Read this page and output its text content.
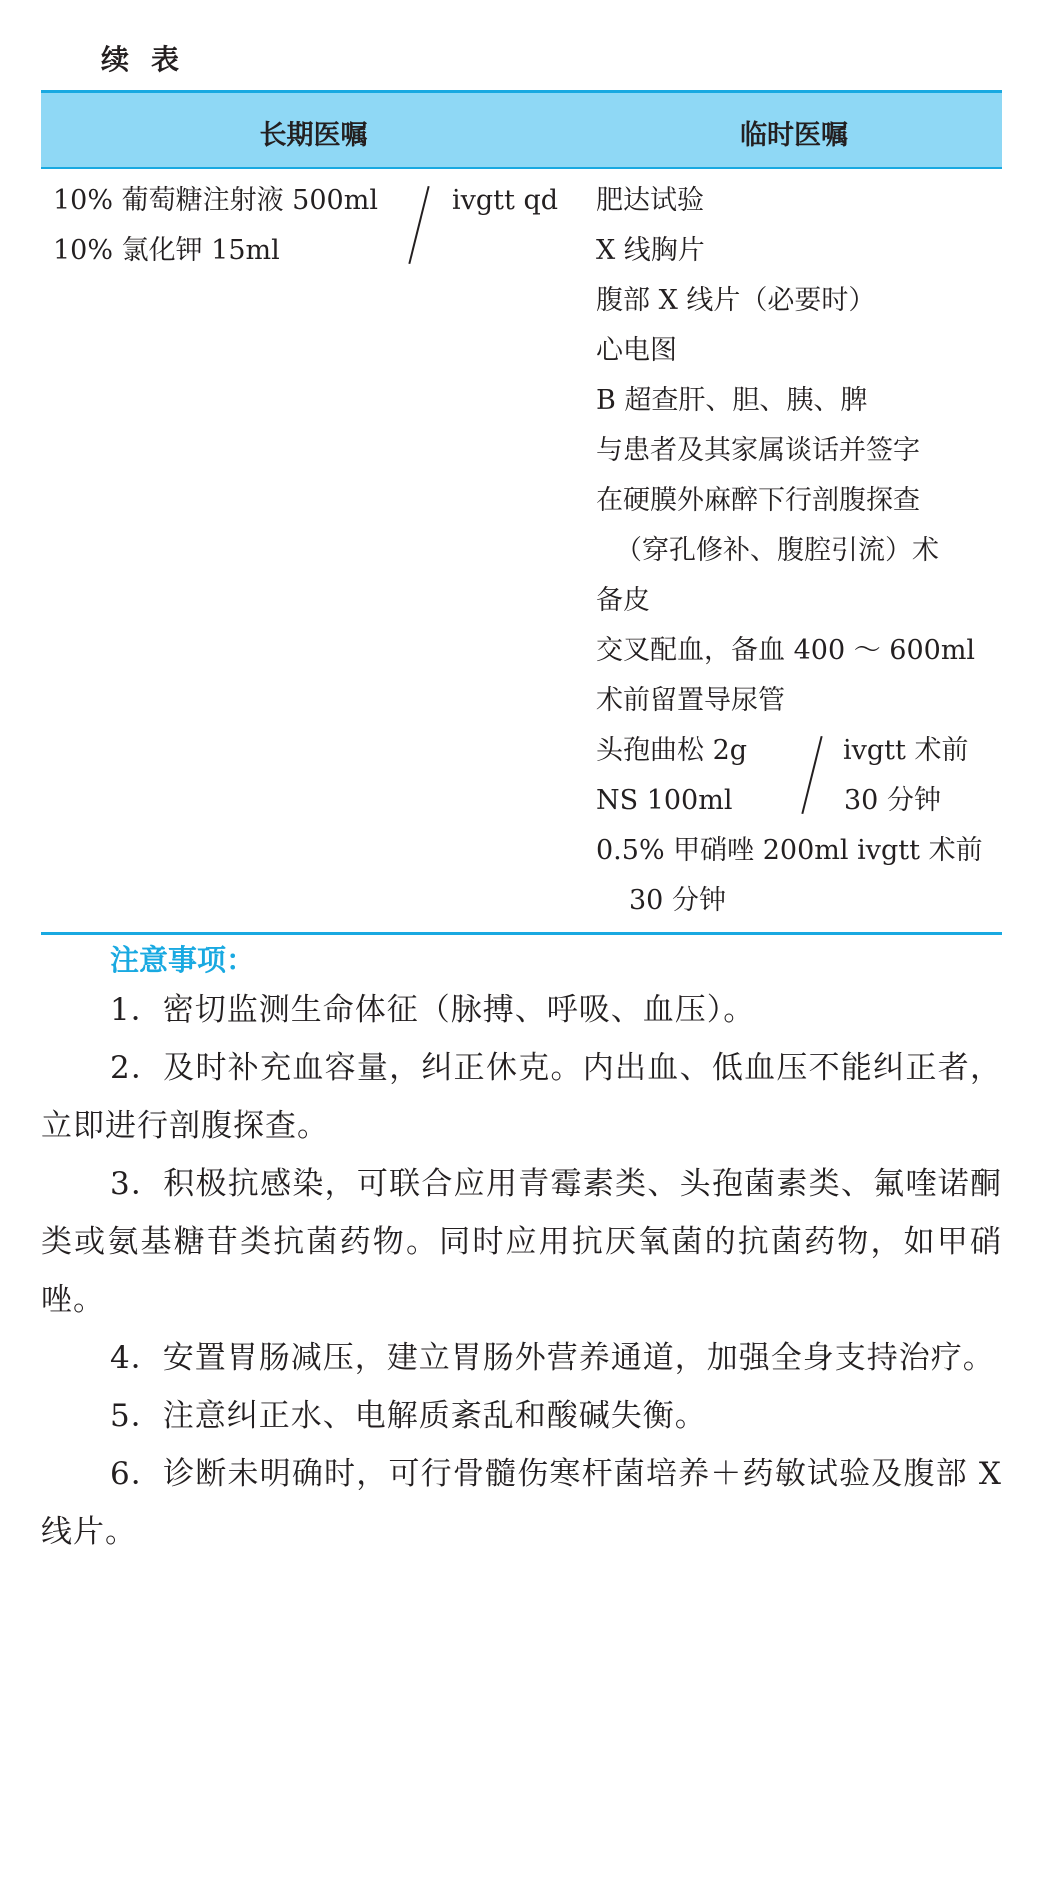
续 表
长期医嘱	临时医嘱
10% 葡萄糖注射液 500ml
10% 氯化钾 15ml
ivgtt qd 肥达试验
X 线胸片
腹部 X 线片（必要时）
心电图
B 超查肝、胆、胰、脾
与患者及其家属谈话并签字
在硬膜外麻醉下行剖腹探查
（穿孔修补、腹腔引流）术
备皮
交叉配血，备血 400 ～ 600ml
术前留置导尿管
头孢曲松 2g
NS 100ml
ivgtt 术前
30 分钟
0.5% 甲硝唑 200ml ivgtt 术前
30 分钟
注意事项：
1．密切监测生命体征（脉搏、呼吸、血压）。
2．及时补充血容量，纠正休克。内出血、低血压不能纠正者，立即进行剖腹探查。
3．积极抗感染，可联合应用青霉素类、头孢菌素类、氟喹诺酮类或氨基糖苷类抗菌药物。同时应用抗厌氧菌的抗菌药物，如甲硝唑。
4．安置胃肠减压，建立胃肠外营养通道，加强全身支持治疗。
5．注意纠正水、电解质紊乱和酸碱失衡。
6．诊断未明确时，可行骨髓伤寒杆菌培养＋药敏试验及腹部 X 线片。
